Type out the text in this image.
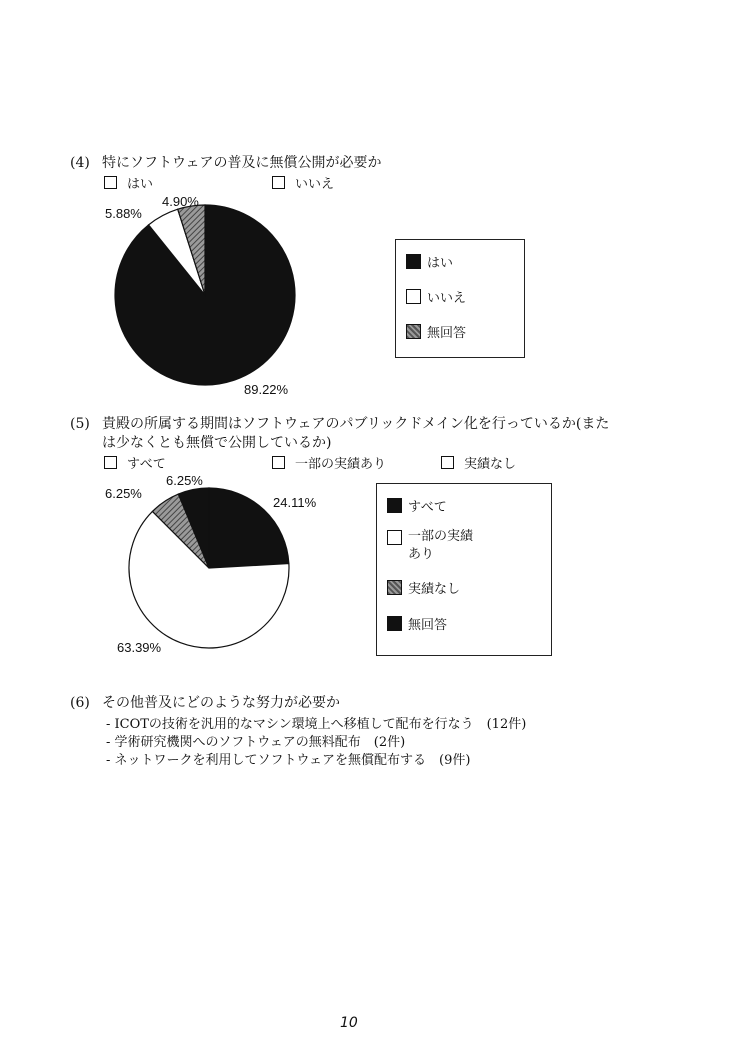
(4) 特にソフトウェアの普及に無償公開が必要か
はい	いいえ
4.90%
5.88%
89.22%
はい
いいえ
無回答
(5) 貴殿の所属する期間はソフトウェアのパブリックドメイン化を行っているか(また
は少なくとも無償で公開しているか)
すべて	一部の実績あり	実績なし
6.25%
6.25%
24.11%
63.39%
すべて
一部の実績
あり
実績なし
無回答
(6) その他普及にどのような努力が必要か
- ICOTの技術を汎用的なマシン環境上へ移植して配布を行なう　(12件)
- 学術研究機関へのソフトウェアの無料配布　(2件)
- ネットワークを利用してソフトウェアを無償配布する　(9件)
10
